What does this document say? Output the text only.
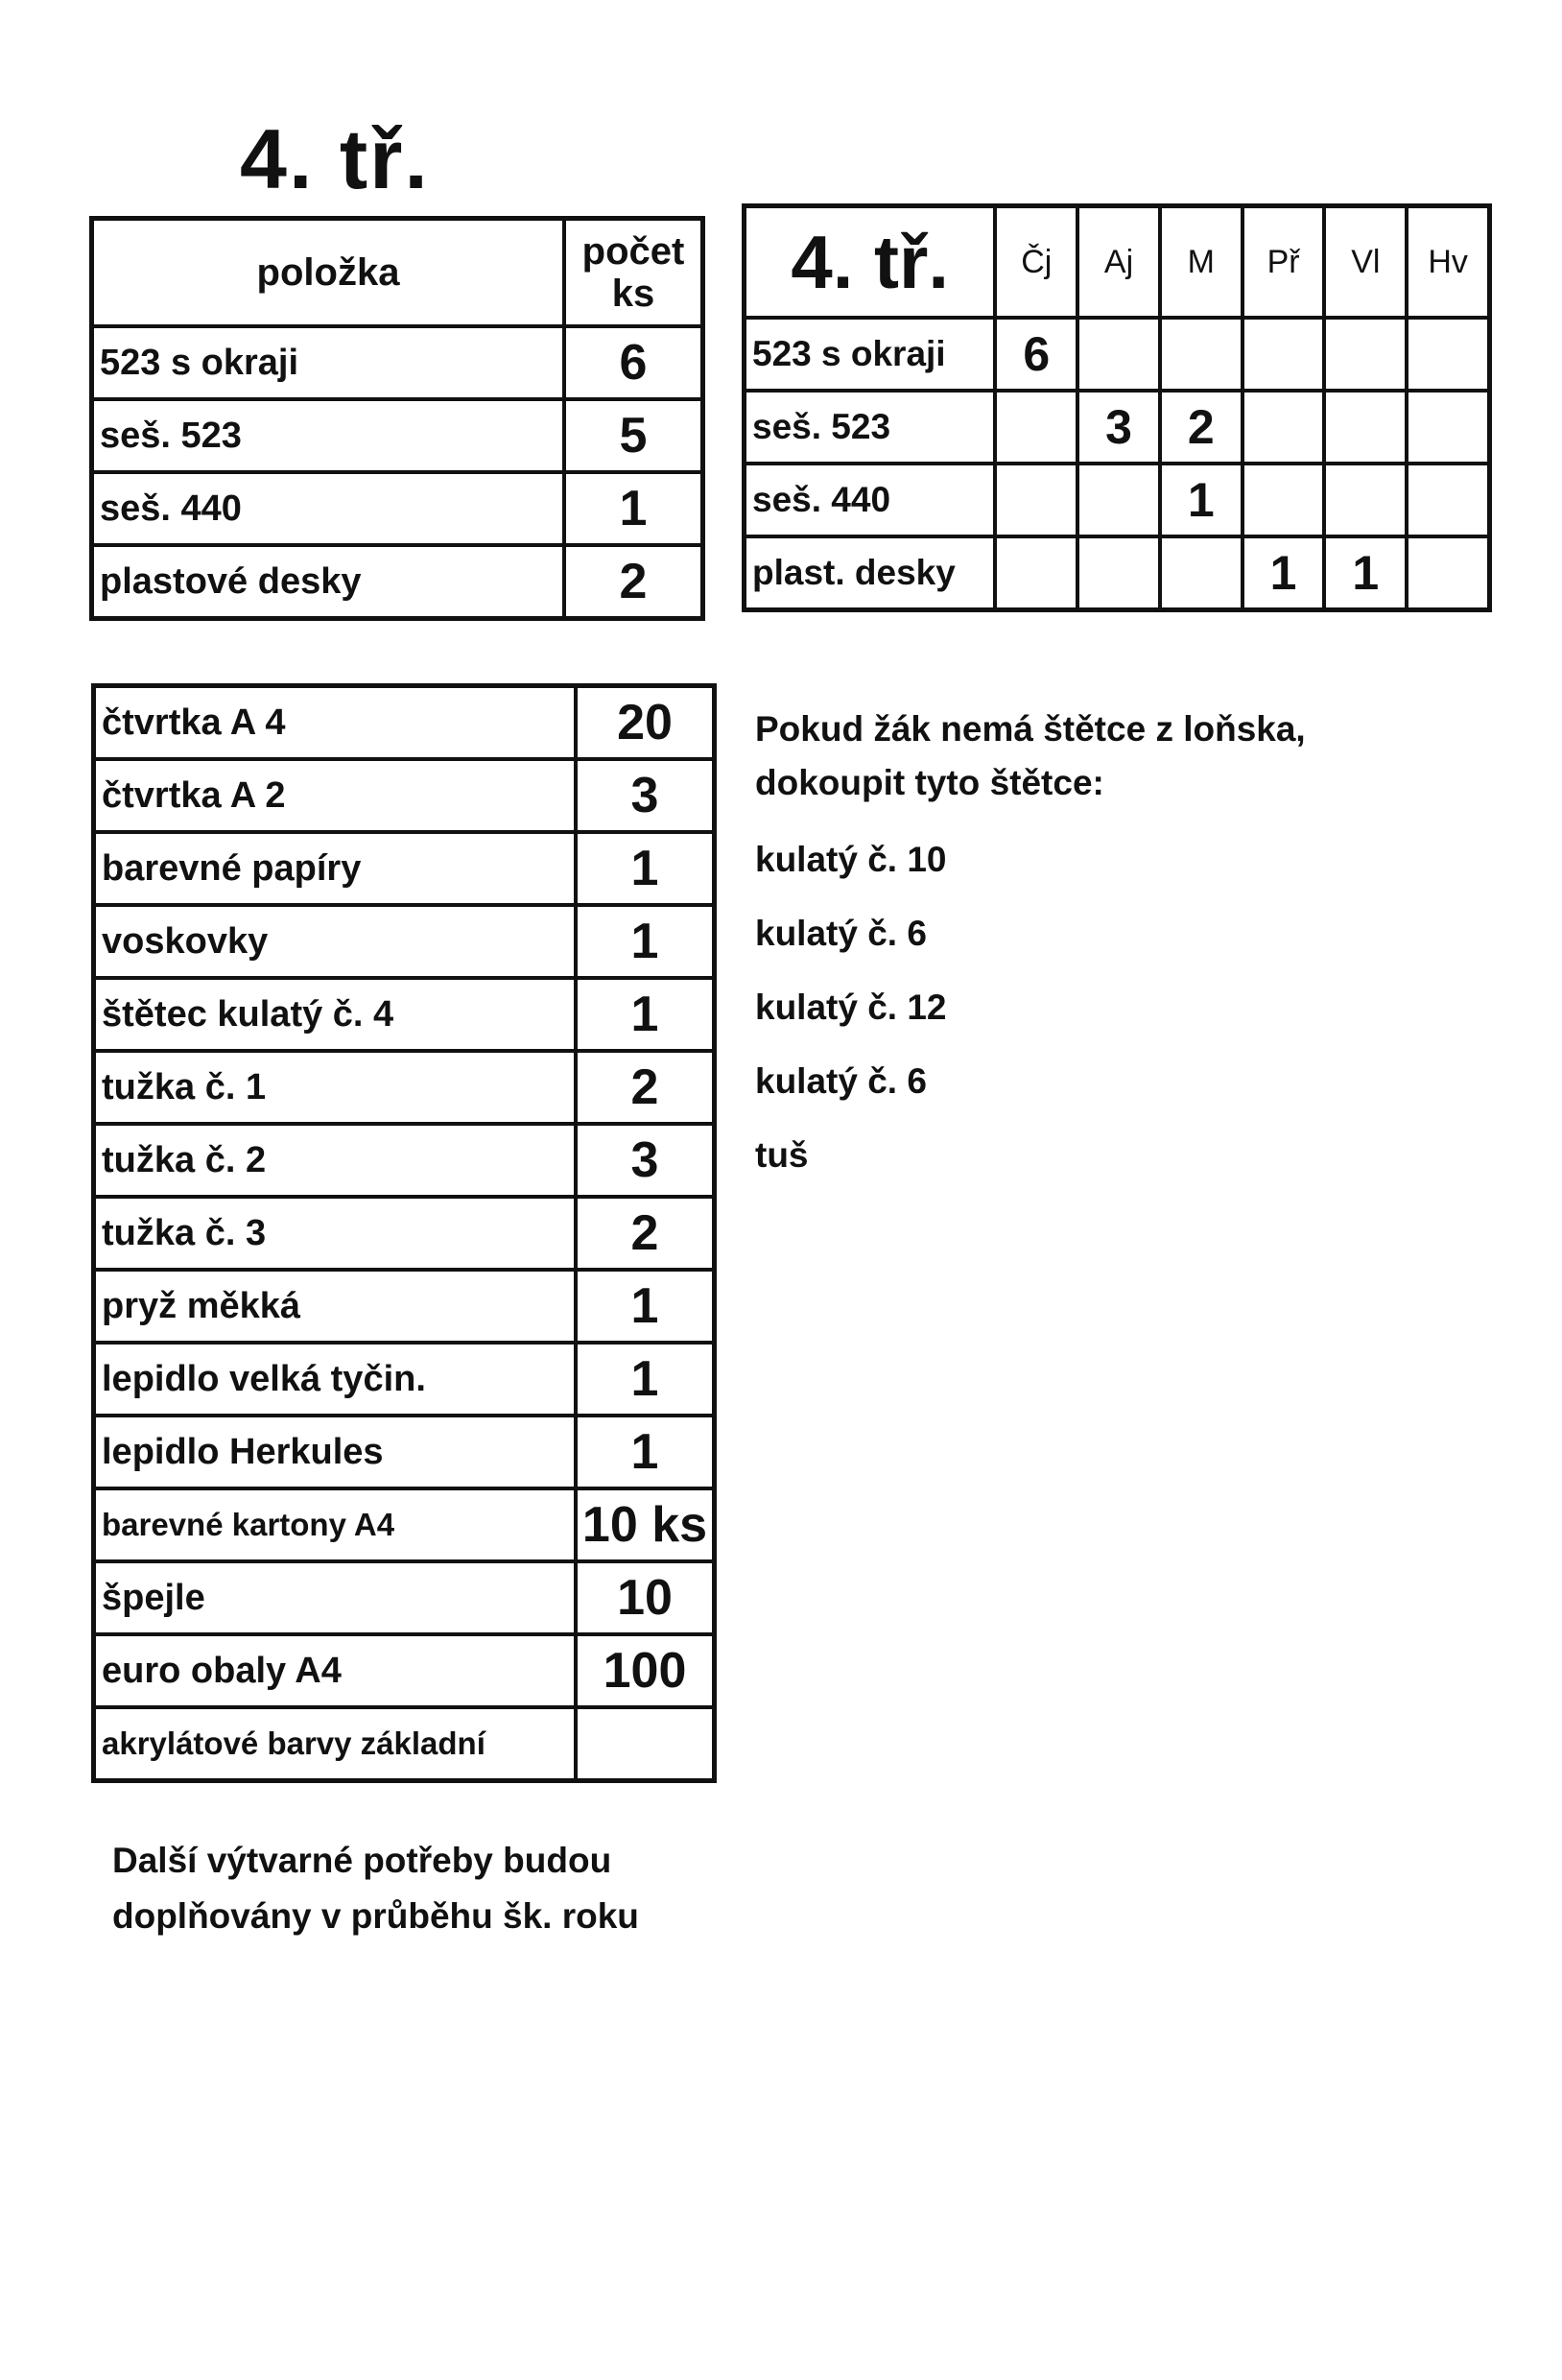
4. tř.
položka	počet ks
523 s okraji	6
seš. 523	5
seš. 440	1
plastové desky	2
4. tř.	Čj	Aj	M	Př	Vl	Hv
523 s okraji	6					
seš. 523		3	2			
seš. 440			1			
plast. desky				1	1	
čtvrtka A 4	20
čtvrtka A 2	3
barevné papíry	1
voskovky	1
štětec kulatý č. 4	1
tužka č. 1	2
tužka č. 2	3
tužka č. 3	2
pryž měkká	1
lepidlo velká tyčin.	1
lepidlo Herkules	1
barevné kartony A4	10 ks
špejle	10
euro obaly A4	100
akrylátové barvy základní	
Pokud žák nemá štětce z loňska,
dokoupit tyto štětce:
kulatý č. 10
kulatý č. 6
kulatý č. 12
kulatý č. 6
tuš
Další výtvarné potřeby budou
doplňovány v průběhu šk. roku
